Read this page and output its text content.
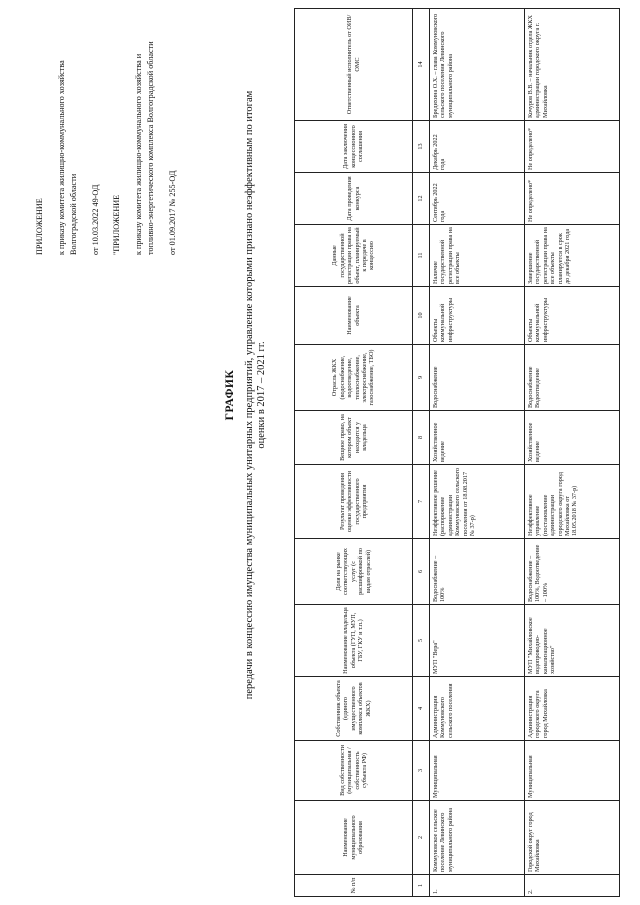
ПРИЛОЖЕНИЕ	к приказу комитета жилищно-коммунального хозяйства Волгоградской области	от 10.03.2022 49-ОД	"ПРИЛОЖЕНИЕ	к приказу комитета жилищно-коммунального хозяйства и топливно-энергетического комплекса Волгоградской области	от 01.09.2017 № 255-ОД

ГРАФИК передачи в концессию имущества муниципальных унитарных предприятий, управление которыми признано неэффективным по итогам оценки в 2017 – 2021 гг.
№ п/п	Наименование муниципального образования	Вид собственности (муниципальная /собственность субъекта РФ)	Собственник объекта (единого имущественного комплекса объектов ЖКХ)	Наименование владельца объекта (ГУП, МУП, ГБУ, ГКУ и т.п.)	Доля на рынке соответствующих услуг (с расшифровкой по видам отраслей)	Результат проведения оценки эффективности государственного предприятия	Вещное право, на котором объект находится у владельца	Отрасль ЖКХ (водоснабжение, водоотведение, теплоснабжение, электроснабжение, газоснабжение, ТБО)	Наименование объекта	Данные государственной регистрации права на объект, планируемый к передаче в концессию	Дата проведения конкурса	Дата заключения концессионного соглашения	Ответственный исполнитель от ОИВ/ОМС
1	2	3	4	5	6	7	8	9	10	11	12	13	14
1.	Коммуновское сельское поселение Левинского муниципального района	Муниципальная	Администрация Коммуновского сельского поселения	МУП "Вера"	Водоснабжение – 100%	Неэффективное решение (распоряжение администрации Коммуновского сельского поселения от 18.08.2017 № 37-р)	Хозяйственное ведение	Водоснабжение	Объекты коммунальной инфраструктуры	Наличие государственной регистрации права на все объекты	Сентябрь 2022 года	Декабрь 2022 года	Бредихина О.Х. – глава Коммуновского сельского поселения Левинского муниципального района
2.	Городской округ город Михайловка	Муниципальная	Администрация городского округа город Михайловка	МУП "Михайловское водопроводно-канализационное хозяйство"	Водоснабжение – 100%, Водоотведение – 100%	Неэффективное управление (постановление администрации городского округа город Михайловка от 18.05.2018 № 37-р)	Хозяйственное ведение	Водоснабжение Водоотведение	Объекты коммунальной инфраструктуры	Завершение государственной регистрации права на все объекты планируется в срок до декабря 2021 года	Не определено*	Не определено*	Кочуров В.В. – начальник отдела ЖКХ администрации городского округа г. Михайловка
